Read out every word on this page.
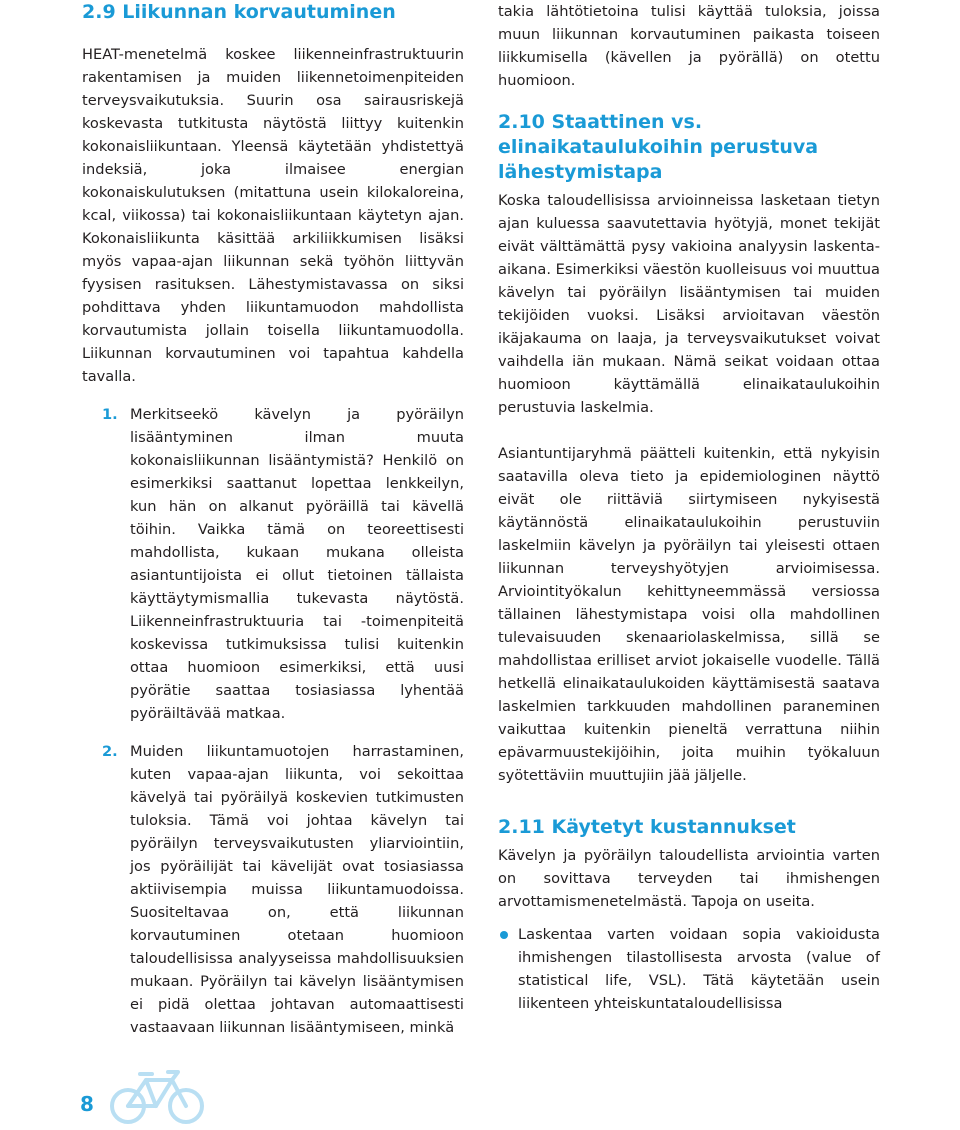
2.9 Liikunnan korvautuminen

HEAT-menetelmä koskee liikenneinfrastruktuurin rakentamisen ja muiden liikennetoimenpiteiden terveysvaikutuksia. Suurin osa sairausriskejä koskevasta tutkitusta näytöstä liittyy kuitenkin kokonaisliikuntaan. Yleensä käytetään yhdistettyä indeksiä, joka ilmaisee energian kokonaiskulutuksen (mitattuna usein kilokaloreina, kcal, viikossa) tai kokonaisliikuntaan käytetyn ajan. Kokonaisliikunta käsittää arkiliikkumisen lisäksi myös vapaa-ajan liikunnan sekä työhön liittyvän fyysisen rasituksen. Lähestymistavassa on siksi pohdittava yhden liikuntamuodon mahdollista korvautumista jollain toisella liikuntamuodolla. Liikunnan korvautuminen voi tapahtua kahdella tavalla.

1. Merkitseekö kävelyn ja pyöräilyn lisääntyminen ilman muuta kokonaisliikunnan lisääntymistä? Henkilö on esimerkiksi saattanut lopettaa lenkkeilyn, kun hän on alkanut pyöräillä tai kävellä töihin. Vaikka tämä on teoreettisesti mahdollista, kukaan mukana olleista asiantuntijoista ei ollut tietoinen tällaista käyttäytymismallia tukevasta näytöstä. Liikenneinfrastruktuuria tai -toimenpiteitä koskevissa tutkimuksissa tulisi kuitenkin ottaa huomioon esimerkiksi, että uusi pyörätie saattaa tosiasiassa lyhentää pyöräiltävää matkaa.

2. Muiden liikuntamuotojen harrastaminen, kuten vapaa-ajan liikunta, voi sekoittaa kävelyä tai pyöräilyä koskevien tutkimusten tuloksia. Tämä voi johtaa kävelyn tai pyöräilyn terveysvaikutusten yliarviointiin, jos pyöräilijät tai kävelijät ovat tosiasiassa aktiivisempia muissa liikuntamuodoissa. Suositeltavaa on, että liikunnan korvautuminen otetaan huomioon taloudellisissa analyyseissa mahdollisuuksien mukaan. Pyöräilyn tai kävelyn lisääntymisen ei pidä olettaa johtavan automaattisesti vastaavaan liikunnan lisääntymiseen, minkä

takia lähtötietoina tulisi käyttää tuloksia, joissa muun liikunnan korvautuminen paikasta toiseen liikkumisella (kävellen ja pyörällä) on otettu huomioon.

2.10 Staattinen vs. elinaikataulukoihin perustuva lähestymistapa

Koska taloudellisissa arvioinneissa lasketaan tietyn ajan kuluessa saavutettavia hyötyjä, monet tekijät eivät välttämättä pysy vakioina analyysin laskenta-aikana. Esimerkiksi väestön kuolleisuus voi muuttua kävelyn tai pyöräilyn lisääntymisen tai muiden tekijöiden vuoksi. Lisäksi arvioitavan väestön ikäjakauma on laaja, ja terveysvaikutukset voivat vaihdella iän mukaan. Nämä seikat voidaan ottaa huomioon käyttämällä elinaikataulukoihin perustuvia laskelmia.

Asiantuntijaryhmä päätteli kuitenkin, että nykyisin saatavilla oleva tieto ja epidemiologinen näyttö eivät ole riittäviä siirtymiseen nykyisestä käytännöstä elinaikataulukoihin perustuviin laskelmiin kävelyn ja pyöräilyn tai yleisesti ottaen liikunnan terveyshyötyjen arvioimisessa. Arviointityökalun kehittyneemmässä versiossa tällainen lähestymistapa voisi olla mahdollinen tulevaisuuden skenaariolaskelmissa, sillä se mahdollistaa erilliset arviot jokaiselle vuodelle. Tällä hetkellä elinaikataulukoiden käyttämisestä saatava laskelmien tarkkuuden mahdollinen paraneminen vaikuttaa kuitenkin pieneltä verrattuna niihin epävarmuustekijöihin, joita muihin työkaluun syötettäviin muuttujiin jää jäljelle.

2.11 Käytetyt kustannukset

Kävelyn ja pyöräilyn taloudellista arviointia varten on sovittava terveyden tai ihmishengen arvottamismenetelmästä. Tapoja on useita.

Laskentaa varten voidaan sopia vakioidusta ihmishengen tilastollisesta arvosta (value of statistical life, VSL). Tätä käytetään usein liikenteen yhteiskuntataloudellisissa

8
